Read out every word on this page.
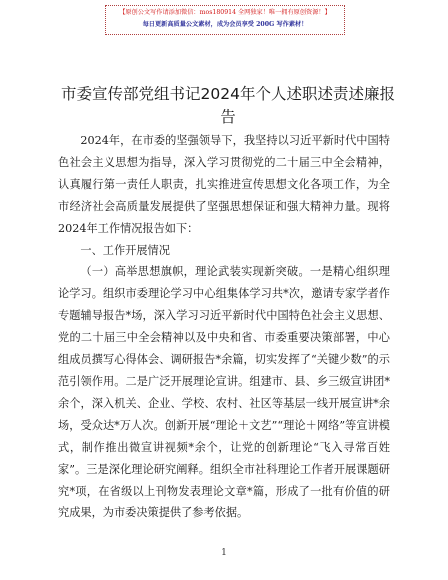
【原创公文写作请添加微信：mos180914 全网独家！唯一拥有原创资源！】
每日更新高质量公文素材，成为会员享受 200G 写作素材！
市委宣传部党组书记2024年个人述职述责述廉报告

2024年，在市委的坚强领导下，我坚持以习近平新时代中国特色社会主义思想为指导，深入学习贯彻党的二十届三中全会精神，认真履行第一责任人职责，扎实推进宣传思想文化各项工作，为全市经济社会高质量发展提供了坚强思想保证和强大精神力量。现将2024年工作情况报告如下：

一、工作开展情况

（一）高举思想旗帜，理论武装实现新突破。一是精心组织理论学习。组织市委理论学习中心组集体学习共*次，邀请专家学者作专题辅导报告*场，深入学习习近平新时代中国特色社会主义思想、党的二十届三中全会精神以及中央和省、市委重要决策部署，中心组成员撰写心得体会、调研报告*余篇，切实发挥了“关键少数”的示范引领作用。二是广泛开展理论宣讲。组建市、县、乡三级宣讲团*余个，深入机关、企业、学校、农村、社区等基层一线开展宣讲*余场，受众达*万人次。创新开展“理论＋文艺”“理论＋网络”等宣讲模式，制作推出微宣讲视频*余个，让党的创新理论“飞入寻常百姓家”。三是深化理论研究阐释。组织全市社科理论工作者开展课题研究*项，在省级以上刊物发表理论文章*篇，形成了一批有价值的研究成果，为市委决策提供了参考依据。

1
